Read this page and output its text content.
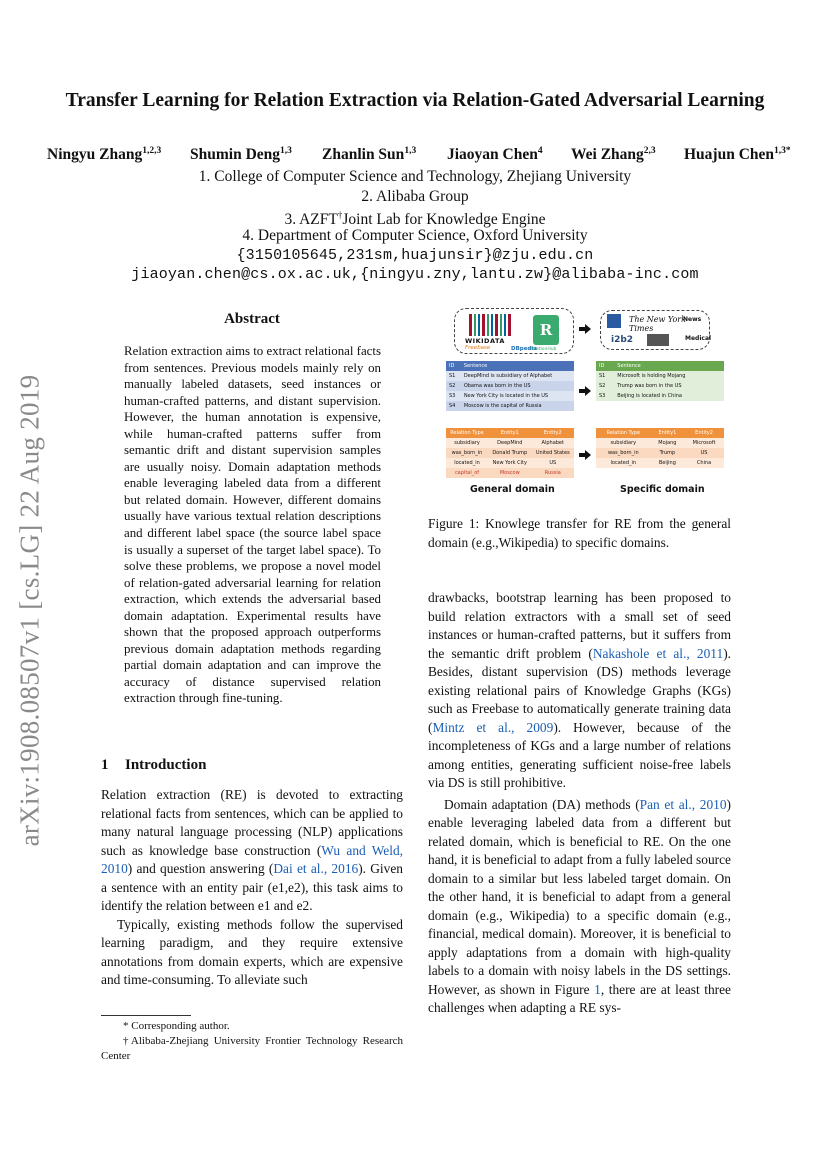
arXiv:1908.08507v1 [cs.LG] 22 Aug 2019
Transfer Learning for Relation Extraction via Relation-Gated Adversarial Learning
Ningyu Zhang$^{1,2,3}$ Shumin Deng$^{1,3}$ Zhanlin Sun$^{1,3}$ Jiaoyan Chen$^4$ Wei Zhang$^{2,3}$ Huajun Chen$^{1,3*}$
1. College of Computer Science and Technology, Zhejiang University
2. Alibaba Group
3. AZFT†Joint Lab for Knowledge Engine
4. Department of Computer Science, Oxford University
{3150105645,231sm,huajunsir}@zju.edu.cn
jiaoyan.chen@cs.ox.ac.uk,{ningyu.zny,lantu.zw}@alibaba-inc.com
Abstract

Relation extraction aims to extract relational facts from sentences. Previous models mainly rely on manually labeled datasets, seed instances or human-crafted patterns, and distant supervision. However, the human annotation is expensive, while human-crafted patterns suffer from semantic drift and distant supervision samples are usually noisy. Domain adaptation methods enable leveraging labeled data from a different but related domain. However, different domains usually have various textual relation descriptions and different label space (the source label space is usually a superset of the target label space). To solve these problems, we propose a novel model of relation-gated adversarial learning for relation extraction, which extends the adversarial based domain adaptation. Experimental results have shown that the proposed approach outperforms previous domain adaptation methods regarding partial domain adaptation and can improve the accuracy of distance supervised relation extraction through fine-tuning.

1 Introduction

Relation extraction (RE) is devoted to extracting relational facts from sentences, which can be applied to many natural language processing (NLP) applications such as knowledge base construction (Wu and Weld, 2010) and question answering (Dai et al., 2016). Given a sentence with an entity pair (e1,e2), this task aims to identify the relation between e1 and e2.

Typically, existing methods follow the supervised learning paradigm, and they require extensive annotations from domain experts, which are expensive and time-consuming. To alleviate such

* Corresponding author.
†Alibaba-Zhejiang University Frontier Technology Research Center
WIKIDATA
Freebase	DBpedia
R
RelationHub
The New York Times
News
i2b2	Medical
ID	Sentence
S1	DeepMind is subsidiary of Alphabet
S2	Obama was born in the US
S3	New York City is located in the US
S4	Moscow is the capital of Russia
ID	Sentence
S1	Microsoft is holding Mojang
S2	Trump was born in the US
S3	Beijing is located in China
Relation Type	Entity1	Entity2
subsidiary	DeepMind	Alphabet
was_born_in	Donald Trump	United States
located_in	New York City	US
capital_of	Moscow	Russia
Relation Type	Entity1	Entity2
subsidiary	Mojang	Microsoft
was_born_in	Trump	US
located_in	Beijing	China
General domain	Specific domain
Figure 1: Knowlege transfer for RE from the general domain (e.g.,Wikipedia) to specific domains.

drawbacks, bootstrap learning has been proposed to build relation extractors with a small set of seed instances or human-crafted patterns, but it suffers from the semantic drift problem (Nakashole et al., 2011). Besides, distant supervision (DS) methods leverage existing relational pairs of Knowledge Graphs (KGs) such as Freebase to automatically generate training data (Mintz et al., 2009). However, because of the incompleteness of KGs and a large number of relations among entities, generating sufficient noise-free labels via DS is still prohibitive.

Domain adaptation (DA) methods (Pan et al., 2010) enable leveraging labeled data from a different but related domain, which is beneficial to RE. On the one hand, it is beneficial to adapt from a fully labeled source domain to a similar but less labeled target domain. On the other hand, it is beneficial to adapt from a general domain (e.g., Wikipedia) to a specific domain (e.g., financial, medical domain). Moreover, it is beneficial to apply adaptations from a domain with high-quality labels to a domain with noisy labels in the DS settings. However, as shown in Figure 1, there are at least three challenges when adapting a RE sys-
